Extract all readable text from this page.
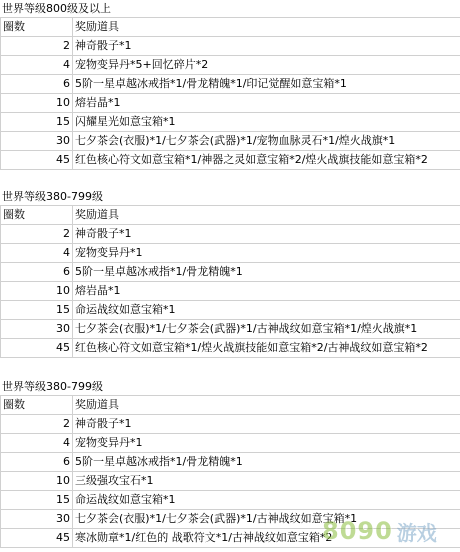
世界等级800级及以上
圈数	奖励道具
2	神奇骰子*1
4	宠物变异丹*5+回忆碎片*2
6	5阶一星卓越冰戒指*1/骨龙精魄*1/印记觉醒如意宝箱*1
10	熔岩晶*1
15	闪耀星光如意宝箱*1
30	七夕茶会(衣服)*1/七夕茶会(武器)*1/宠物血脉灵石*1/煌火战旗*1
45	红色核心符文如意宝箱*1/神器之灵如意宝箱*2/煌火战旗技能如意宝箱*2
世界等级380-799级
圈数	奖励道具
2	神奇骰子*1
4	宠物变异丹*1
6	5阶一星卓越冰戒指*1/骨龙精魄*1
10	熔岩晶*1
15	命运战纹如意宝箱*1
30	七夕茶会(衣服)*1/七夕茶会(武器)*1/古神战纹如意宝箱*1/煌火战旗*1
45	红色核心符文如意宝箱*1/煌火战旗技能如意宝箱*2/古神战纹如意宝箱*2
世界等级380-799级
圈数	奖励道具
2	神奇骰子*1
4	宠物变异丹*1
6	5阶一星卓越冰戒指*1/骨龙精魄*1
10	三级强攻宝石*1
15	命运战纹如意宝箱*1
30	七夕茶会(衣服)*1/七夕茶会(武器)*1/古神战纹如意宝箱*1
45	寒冰勋章*1/红色的 战歌符文*1/古神战纹如意宝箱*2
8090 游戏
